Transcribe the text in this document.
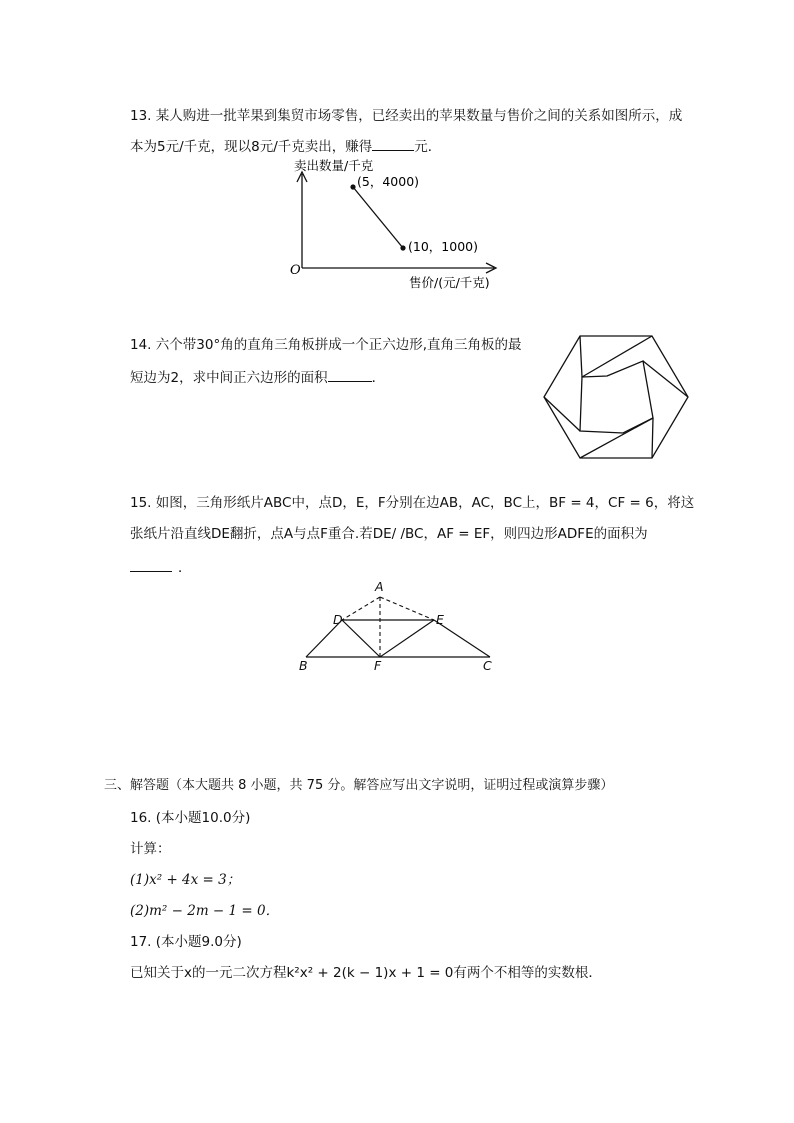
13. 某人购进一批苹果到集贸市场零售，已经卖出的苹果数量与售价之间的关系如图所示，成
本为5元/千克，现以8元/千克卖出，赚得	元．
卖出数量/千克
售价/(元/千克)
O
(5，4000)
(10，1000)
14. 六个带30°角的直角三角板拼成一个正六边形,直角三角板的最
短边为2，求中间正六边形的面积	．
15. 如图，三角形纸片ABC中，点D，E，F分别在边AB，AC，BC上，BF = 4，CF = 6，将这
张纸片沿直线DE翻折，点A与点F重合.若DE/ /BC，AF = EF，则四边形ADFE的面积为
．
A
B	C
D	E
F
三、解答题（本大题共 8 小题，共 75 分。解答应写出文字说明，证明过程或演算步骤）
16. (本小题10.0分)
计算：
(1)x² + 4x = 3；
(2)m² − 2m − 1 = 0．
17. (本小题9.0分)
已知关于x的一元二次方程k²x² + 2(k − 1)x + 1 = 0有两个不相等的实数根．
